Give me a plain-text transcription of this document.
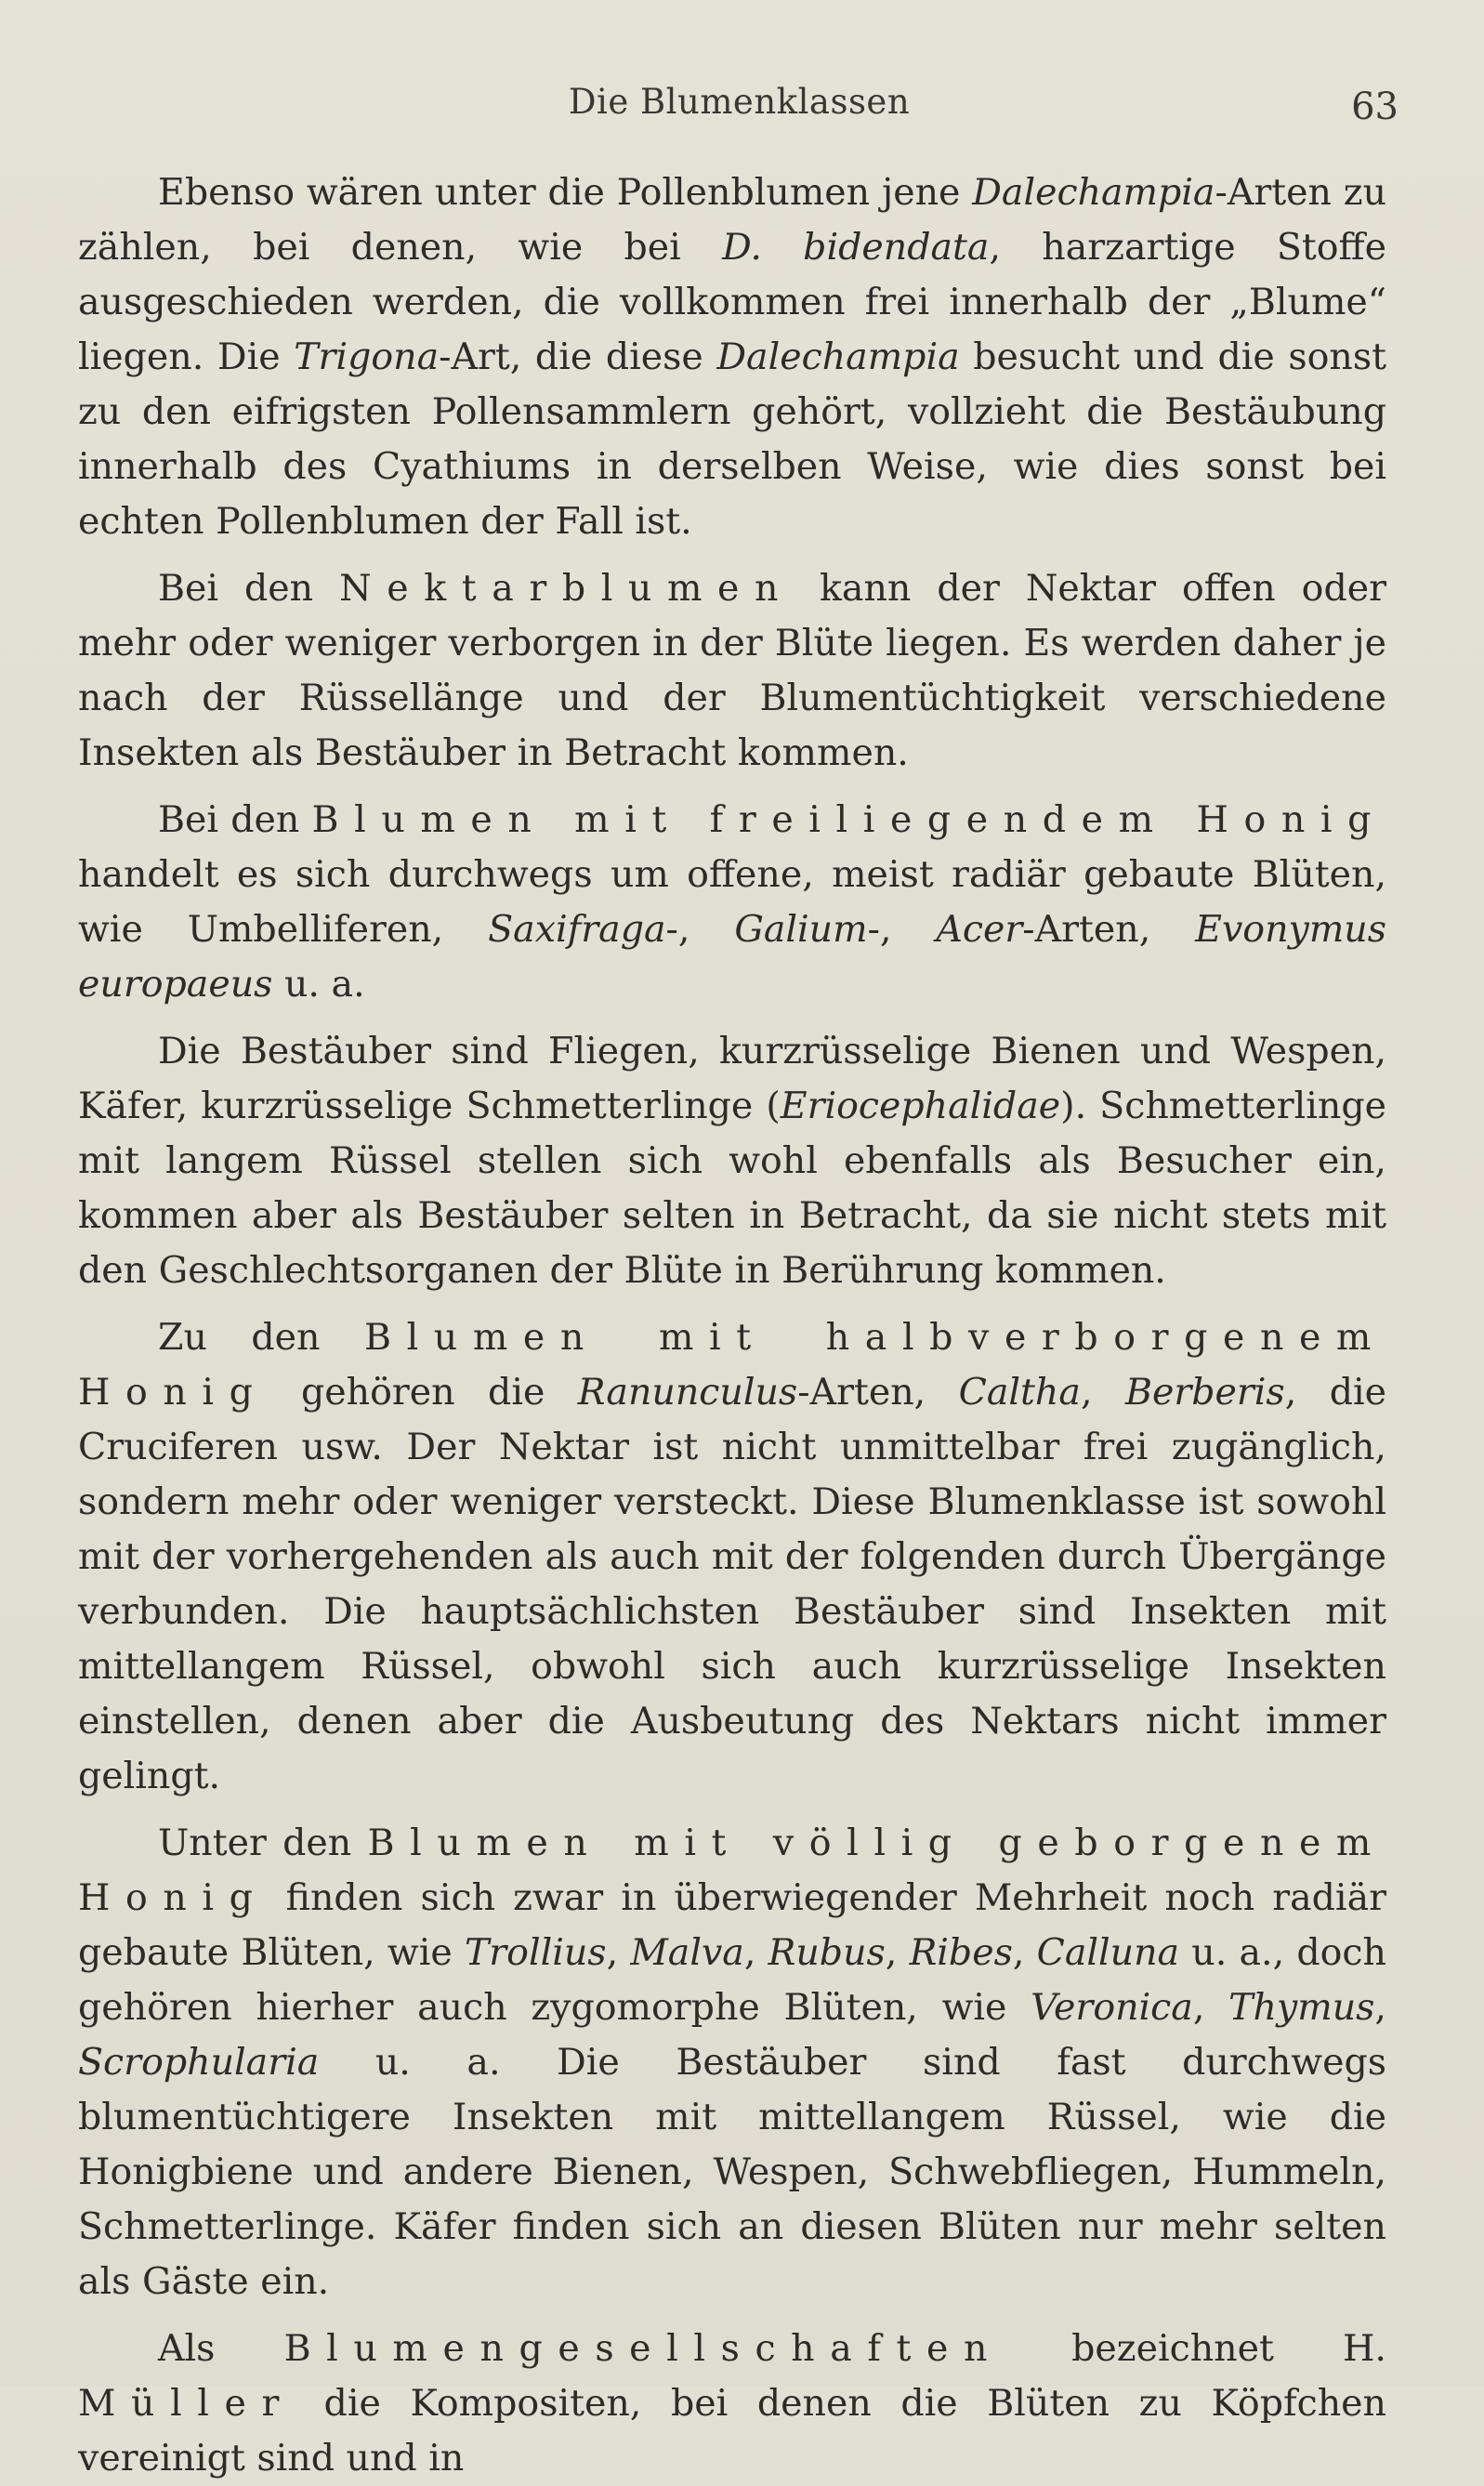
Die Blumenklassen	63

Ebenso wären unter die Pollenblumen jene Dalechampia-Arten zu zählen, bei denen, wie bei D. bidendata, harzartige Stoffe ausgeschieden werden, die vollkommen frei innerhalb der „Blume“ liegen. Die Trigona-Art, die diese Dalechampia besucht und die sonst zu den eifrigsten Pollensammlern gehört, vollzieht die Bestäubung innerhalb des Cyathiums in derselben Weise, wie dies sonst bei echten Pollenblumen der Fall ist.

Bei den Nektarblumen kann der Nektar offen oder mehr oder weniger verborgen in der Blüte liegen. Es werden daher je nach der Rüssellänge und der Blumentüchtigkeit verschiedene Insekten als Bestäuber in Betracht kommen.

Bei den Blumen mit freiliegendem Honig handelt es sich durchwegs um offene, meist radiär gebaute Blüten, wie Umbelliferen, Saxifraga-, Galium-, Acer-Arten, Evonymus europaeus u. a.

Die Bestäuber sind Fliegen, kurzrüsselige Bienen und Wespen, Käfer, kurzrüsselige Schmetterlinge (Eriocephalidae). Schmetterlinge mit langem Rüssel stellen sich wohl ebenfalls als Besucher ein, kommen aber als Bestäuber selten in Betracht, da sie nicht stets mit den Geschlechtsorganen der Blüte in Berührung kommen.

Zu den Blumen mit halbverborgenem Honig gehören die Ranunculus-Arten, Caltha, Berberis, die Cruciferen usw. Der Nektar ist nicht unmittelbar frei zugänglich, sondern mehr oder weniger versteckt. Diese Blumenklasse ist sowohl mit der vorhergehenden als auch mit der folgenden durch Übergänge verbunden. Die hauptsächlichsten Bestäuber sind Insekten mit mittellangem Rüssel, obwohl sich auch kurzrüsselige Insekten einstellen, denen aber die Ausbeutung des Nektars nicht immer gelingt.

Unter den Blumen mit völlig geborgenem Honig finden sich zwar in überwiegender Mehrheit noch radiär gebaute Blüten, wie Trollius, Malva, Rubus, Ribes, Calluna u. a., doch gehören hierher auch zygomorphe Blüten, wie Veronica, Thymus, Scrophularia u. a. Die Bestäuber sind fast durchwegs blumentüchtigere Insekten mit mittellangem Rüssel, wie die Honigbiene und andere Bienen, Wespen, Schwebfliegen, Hummeln, Schmetterlinge. Käfer finden sich an diesen Blüten nur mehr selten als Gäste ein.

Als Blumengesellschaften bezeichnet H. Müller die Kompositen, bei denen die Blüten zu Köpfchen vereinigt sind und in
